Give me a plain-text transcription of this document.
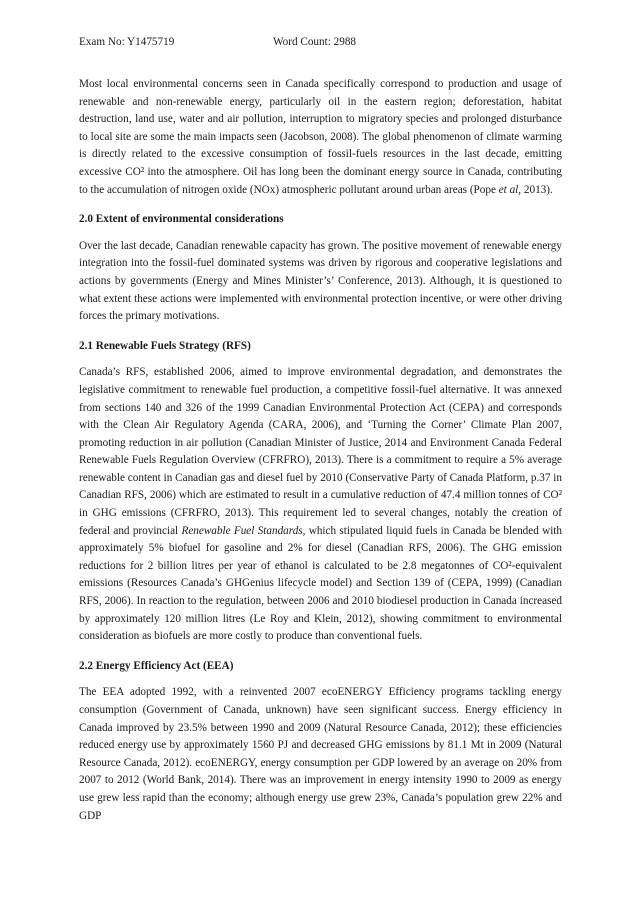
Exam No: Y1475719	Word Count: 2988

Most local environmental concerns seen in Canada specifically correspond to production and usage of renewable and non-renewable energy, particularly oil in the eastern region; deforestation, habitat destruction, land use, water and air pollution, interruption to migratory species and prolonged disturbance to local site are some the main impacts seen (Jacobson, 2008). The global phenomenon of climate warming is directly related to the excessive consumption of fossil-fuels resources in the last decade, emitting excessive CO² into the atmosphere. Oil has long been the dominant energy source in Canada, contributing to the accumulation of nitrogen oxide (NOx) atmospheric pollutant around urban areas (Pope et al, 2013).

2.0 Extent of environmental considerations

Over the last decade, Canadian renewable capacity has grown. The positive movement of renewable energy integration into the fossil-fuel dominated systems was driven by rigorous and cooperative legislations and actions by governments (Energy and Mines Minister’s’ Conference, 2013). Although, it is questioned to what extent these actions were implemented with environmental protection incentive, or were other driving forces the primary motivations.

2.1 Renewable Fuels Strategy (RFS)

Canada’s RFS, established 2006, aimed to improve environmental degradation, and demonstrates the legislative commitment to renewable fuel production, a competitive fossil-fuel alternative. It was annexed from sections 140 and 326 of the 1999 Canadian Environmental Protection Act (CEPA) and corresponds with the Clean Air Regulatory Agenda (CARA, 2006), and ‘Turning the Corner’ Climate Plan 2007, promoting reduction in air pollution (Canadian Minister of Justice, 2014 and Environment Canada Federal Renewable Fuels Regulation Overview (CFRFRO), 2013). There is a commitment to require a 5% average renewable content in Canadian gas and diesel fuel by 2010 (Conservative Party of Canada Platform, p.37 in Canadian RFS, 2006) which are estimated to result in a cumulative reduction of 47.4 million tonnes of CO² in GHG emissions (CFRFRO, 2013). This requirement led to several changes, notably the creation of federal and provincial Renewable Fuel Standards, which stipulated liquid fuels in Canada be blended with approximately 5% biofuel for gasoline and 2% for diesel (Canadian RFS, 2006). The GHG emission reductions for 2 billion litres per year of ethanol is calculated to be 2.8 megatonnes of CO²-equivalent emissions (Resources Canada’s GHGenius lifecycle model) and Section 139 of (CEPA, 1999) (Canadian RFS, 2006). In reaction to the regulation, between 2006 and 2010 biodiesel production in Canada increased by approximately 120 million litres (Le Roy and Klein, 2012), showing commitment to environmental consideration as biofuels are more costly to produce than conventional fuels.

2.2 Energy Efficiency Act (EEA)

The EEA adopted 1992, with a reinvented 2007 ecoENERGY Efficiency programs tackling energy consumption (Government of Canada, unknown) have seen significant success. Energy efficiency in Canada improved by 23.5% between 1990 and 2009 (Natural Resource Canada, 2012); these efficiencies reduced energy use by approximately 1560 PJ and decreased GHG emissions by 81.1 Mt in 2009 (Natural Resource Canada, 2012). ecoENERGY, energy consumption per GDP lowered by an average on 20% from 2007 to 2012 (World Bank, 2014). There was an improvement in energy intensity 1990 to 2009 as energy use grew less rapid than the economy; although energy use grew 23%, Canada’s population grew 22% and GDP
